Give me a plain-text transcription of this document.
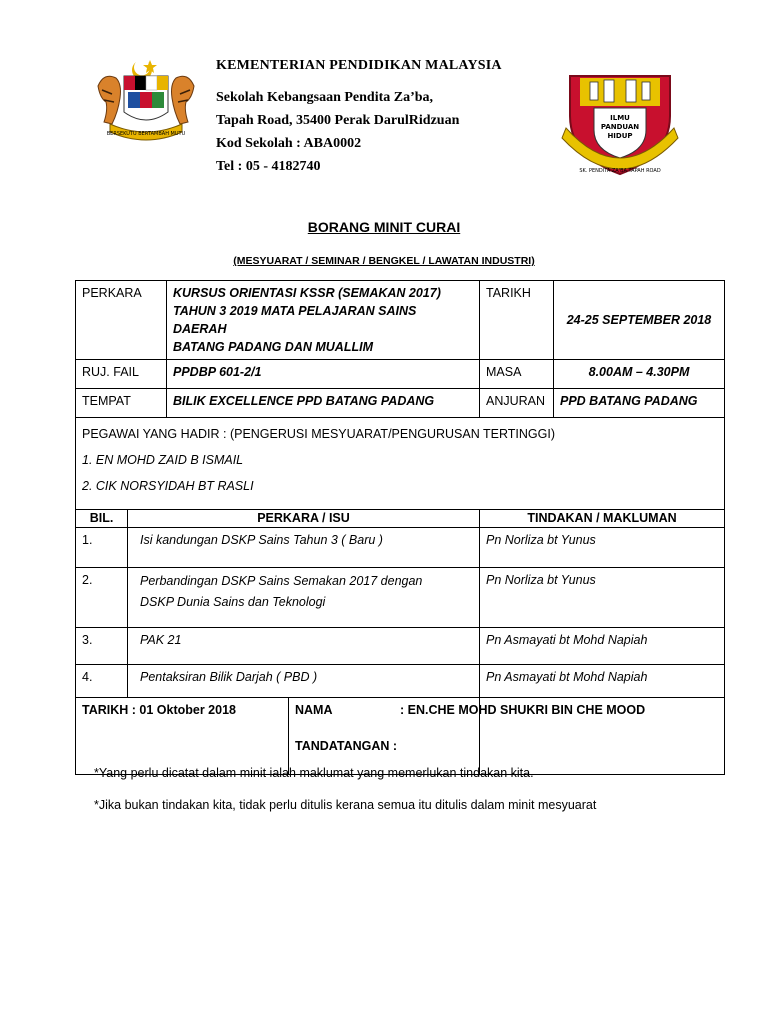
BERSEKUTU BERTAMBAH MUTU
KEMENTERIAN PENDIDIKAN MALAYSIA
Sekolah Kebangsaan Pendita Za’ba,
Tapah Road, 35400 Perak DarulRidzuan
Kod Sekolah : ABA0002
Tel : 05 - 4182740
ILMU
PANDUAN
HIDUP
SK. PENDITA ZA'BA TAPAH ROAD
BORANG MINIT CURAI
(MESYUARAT / SEMINAR / BENGKEL / LAWATAN INDUSTRI)
PERKARA		KURSUS ORIENTASI KSSR (SEMAKAN 2017)
TAHUN 3 2019 MATA PELAJARAN SAINS DAERAH
BATANG PADANG DAN MUALLIM	TARIKH	24-25 SEPTEMBER 2018
RUJ. FAIL		PPDBP 601-2/1	MASA	8.00AM – 4.30PM
TEMPAT		BILIK EXCELLENCE PPD BATANG PADANG	ANJURAN	PPD BATANG PADANG

PEGAWAI YANG HADIR : (PENGERUSI MESYUARAT/PENGURUSAN TERTINGGI)
1. EN MOHD ZAID B ISMAIL
2. CIK NORSYIDAH BT RASLI				

BIL.	PERKARA / ISU		TINDAKAN / MAKLUMAN	
1.	Isi kandungan DSKP Sains Tahun 3 ( Baru )		Pn Norliza bt Yunus	
2.	Perbandingan DSKP Sains Semakan 2017 dengan
DSKP Dunia Sains dan Teknologi		Pn Norliza bt Yunus	
3.	PAK 21		Pn Asmayati bt Mohd Napiah	
4.	Pentaksiran Bilik Darjah ( PBD )		Pn Asmayati bt Mohd Napiah	

TARIKH : 01 Oktober 2018 NAMA : EN.CHE MOHD SHUKRI BIN CHE MOOD
TANDATANGAN :				

*Yang perlu dicatat dalam minit ialah maklumat yang memerlukan tindakan kita.
*Jika bukan tindakan kita, tidak perlu ditulis kerana semua itu ditulis dalam minit mesyuarat
